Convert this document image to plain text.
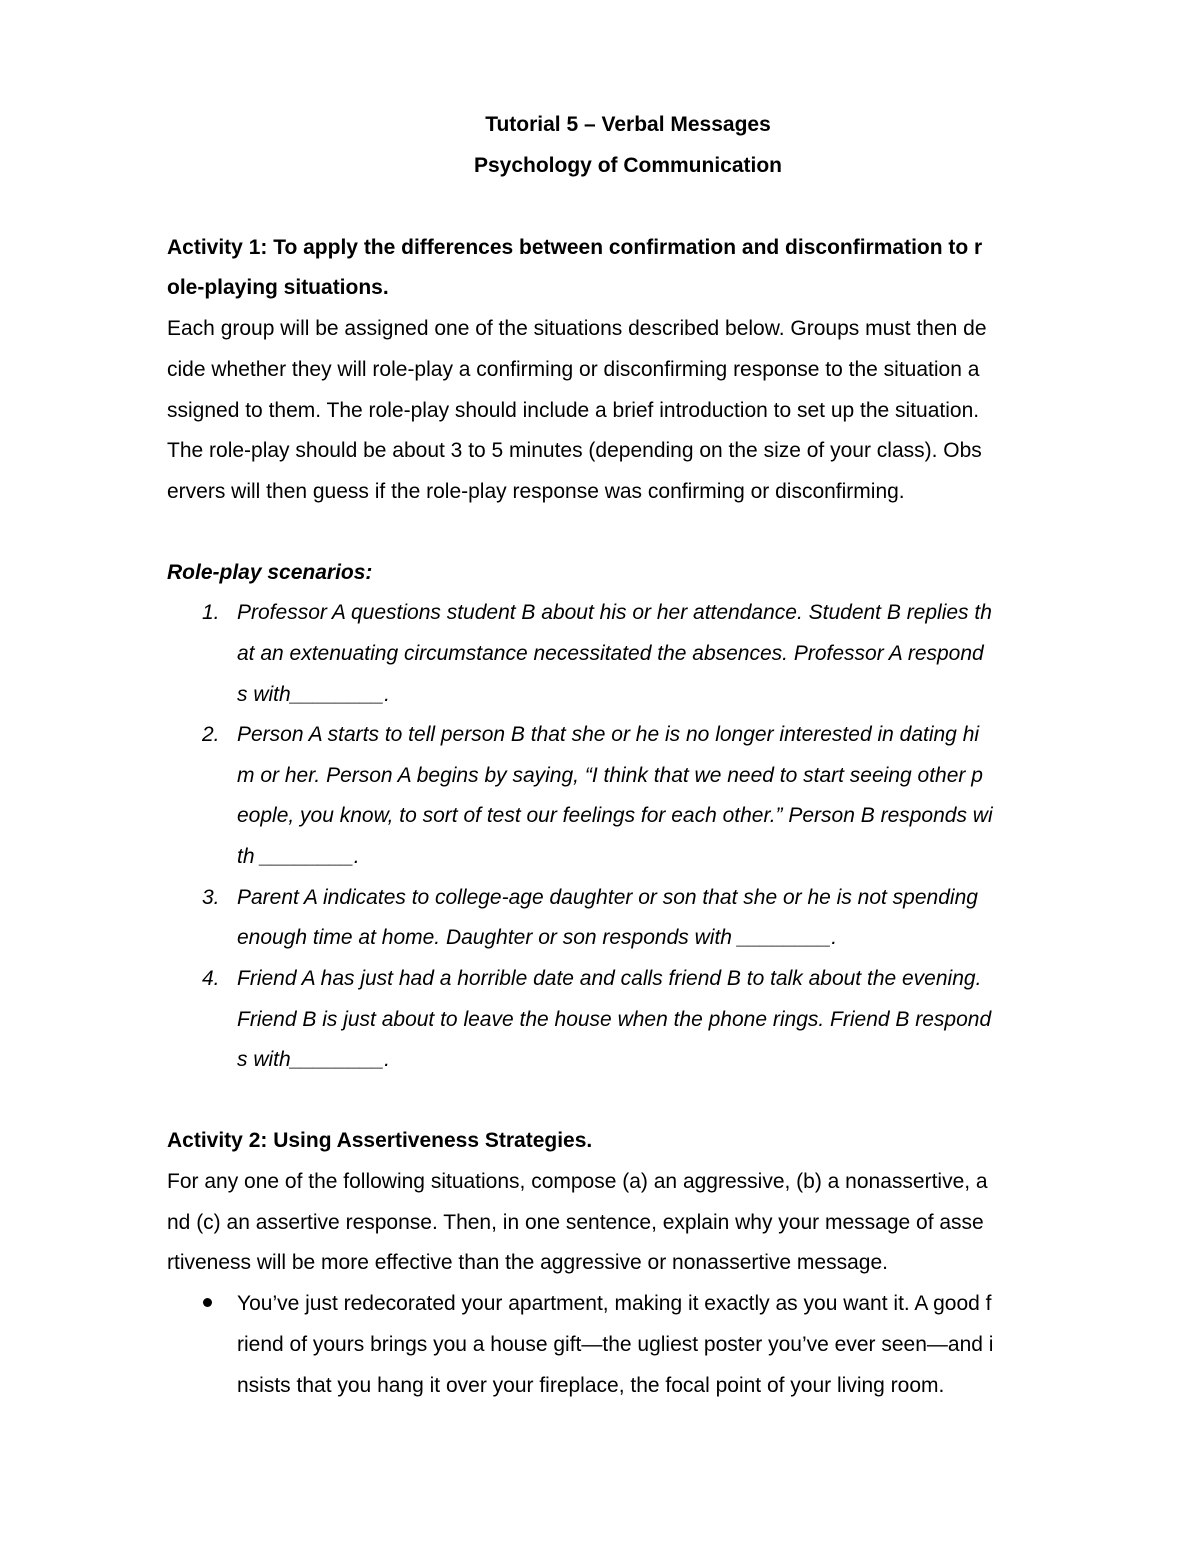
Tutorial 5 – Verbal Messages
Psychology of Communication
Activity 1: To apply the differences between confirmation and disconfirmation to r
ole-playing situations.
Each group will be assigned one of the situations described below. Groups must then de
cide whether they will role-play a confirming or disconfirming response to the situation a
ssigned to them. The role-play should include a brief introduction to set up the situation.
The role-play should be about 3 to 5 minutes (depending on the size of your class). Obs
ervers will then guess if the role-play response was confirming or disconfirming.
Role-play scenarios:
1. Professor A questions student B about his or her attendance. Student B replies th
at an extenuating circumstance necessitated the absences. Professor A respond
s with________.
2. Person A starts to tell person B that she or he is no longer interested in dating hi
m or her. Person A begins by saying, “I think that we need to start seeing other p
eople, you know, to sort of test our feelings for each other.” Person B responds wi
th ________.
3. Parent A indicates to college-age daughter or son that she or he is not spending
enough time at home. Daughter or son responds with ________.
4. Friend A has just had a horrible date and calls friend B to talk about the evening.
Friend B is just about to leave the house when the phone rings. Friend B respond
s with________.
Activity 2: Using Assertiveness Strategies.
For any one of the following situations, compose (a) an aggressive, (b) a nonassertive, a
nd (c) an assertive response. Then, in one sentence, explain why your message of asse
rtiveness will be more effective than the aggressive or nonassertive message.
You’ve just redecorated your apartment, making it exactly as you want it. A good f
riend of yours brings you a house gift—the ugliest poster you’ve ever seen—and i
nsists that you hang it over your fireplace, the focal point of your living room.
